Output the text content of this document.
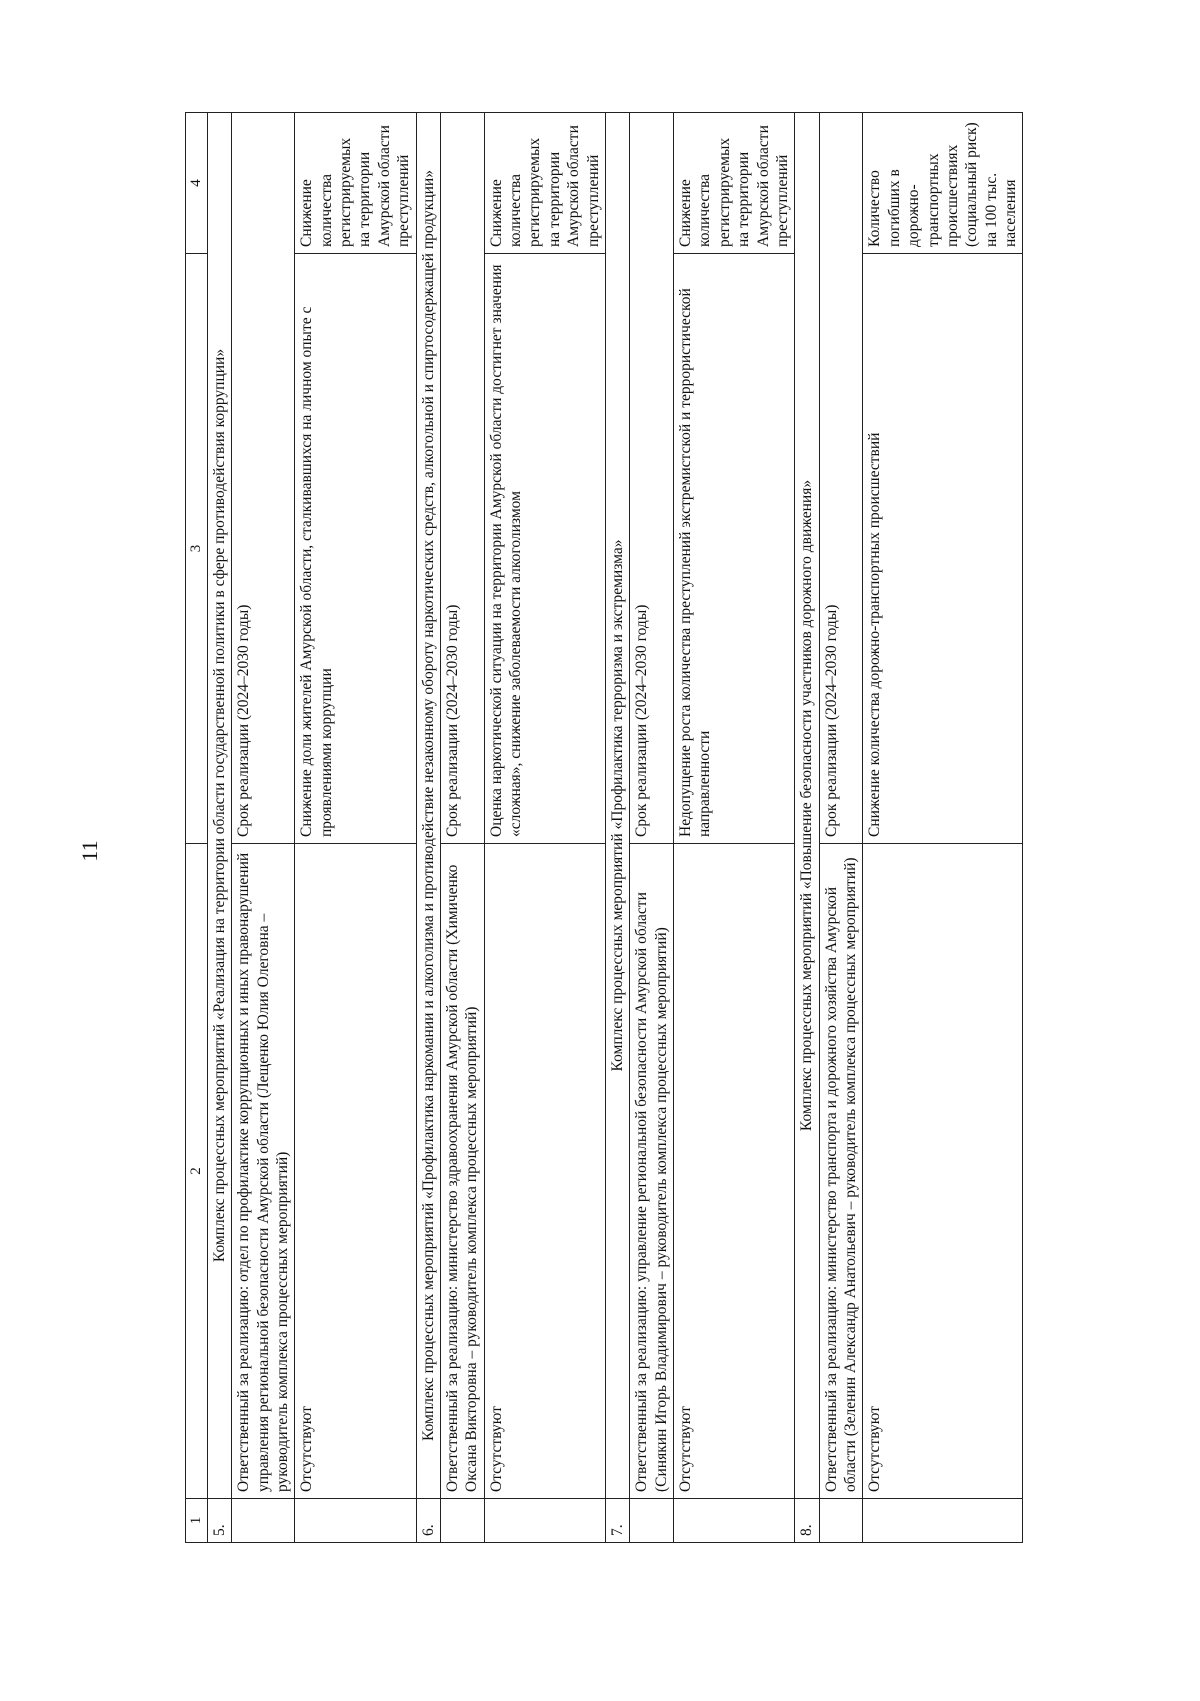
11
1	2	3	4
5.	Комплекс процессных мероприятий «Реализация на территории области государственной политики в сфере противодействия коррупции»		
	Ответственный за реализацию: отдел по профилактике коррупционных и иных правонарушений управления региональной безопасности Амурской области (Лещенко Юлия Олеговна – руководитель комплекса процессных мероприятий)	Срок реализации (2024–2030 годы)	
	Отсутствуют	Снижение доли жителей Амурской области, сталкивавшихся на личном опыте с проявлениями коррупции	Снижение количества регистрируемых на территории Амурской области преступлений
6.	Комплекс процессных мероприятий «Профилактика наркомании и алкоголизма и противодействие незаконному обороту наркотических средств, алкогольной и спиртосодержащей продукции»		
	Ответственный за реализацию: министерство здравоохранения Амурской области (Химиченко Оксана Викторовна – руководитель комплекса процессных мероприятий)	Срок реализации (2024–2030 годы)	
	Отсутствуют	Оценка наркотической ситуации на территории Амурской области достигнет значения «сложная», снижение заболеваемости алкоголизмом	Снижение количества регистрируемых на территории Амурской области преступлений
7.	Комплекс процессных мероприятий «Профилактика терроризма и экстремизма»		
	Ответственный за реализацию: управление региональной безопасности Амурской области (Синякин Игорь Владимирович – руководитель комплекса процессных мероприятий)	Срок реализации (2024–2030 годы)	
	Отсутствуют	Недопущение роста количества преступлений экстремистской и террористической направленности	Снижение количества регистрируемых на территории Амурской области преступлений
8.	Комплекс процессных мероприятий «Повышение безопасности участников дорожного движения»		
	Ответственный за реализацию: министерство транспорта и дорожного хозяйства Амурской области (Зеленин Александр Анатольевич – руководитель комплекса процессных мероприятий)	Срок реализации (2024–2030 годы)	
	Отсутствуют	Снижение количества дорожно-транспортных происшествий	Количество погибших в дорожно-транспортных происшествиях (социальный риск) на 100 тыс. населения
